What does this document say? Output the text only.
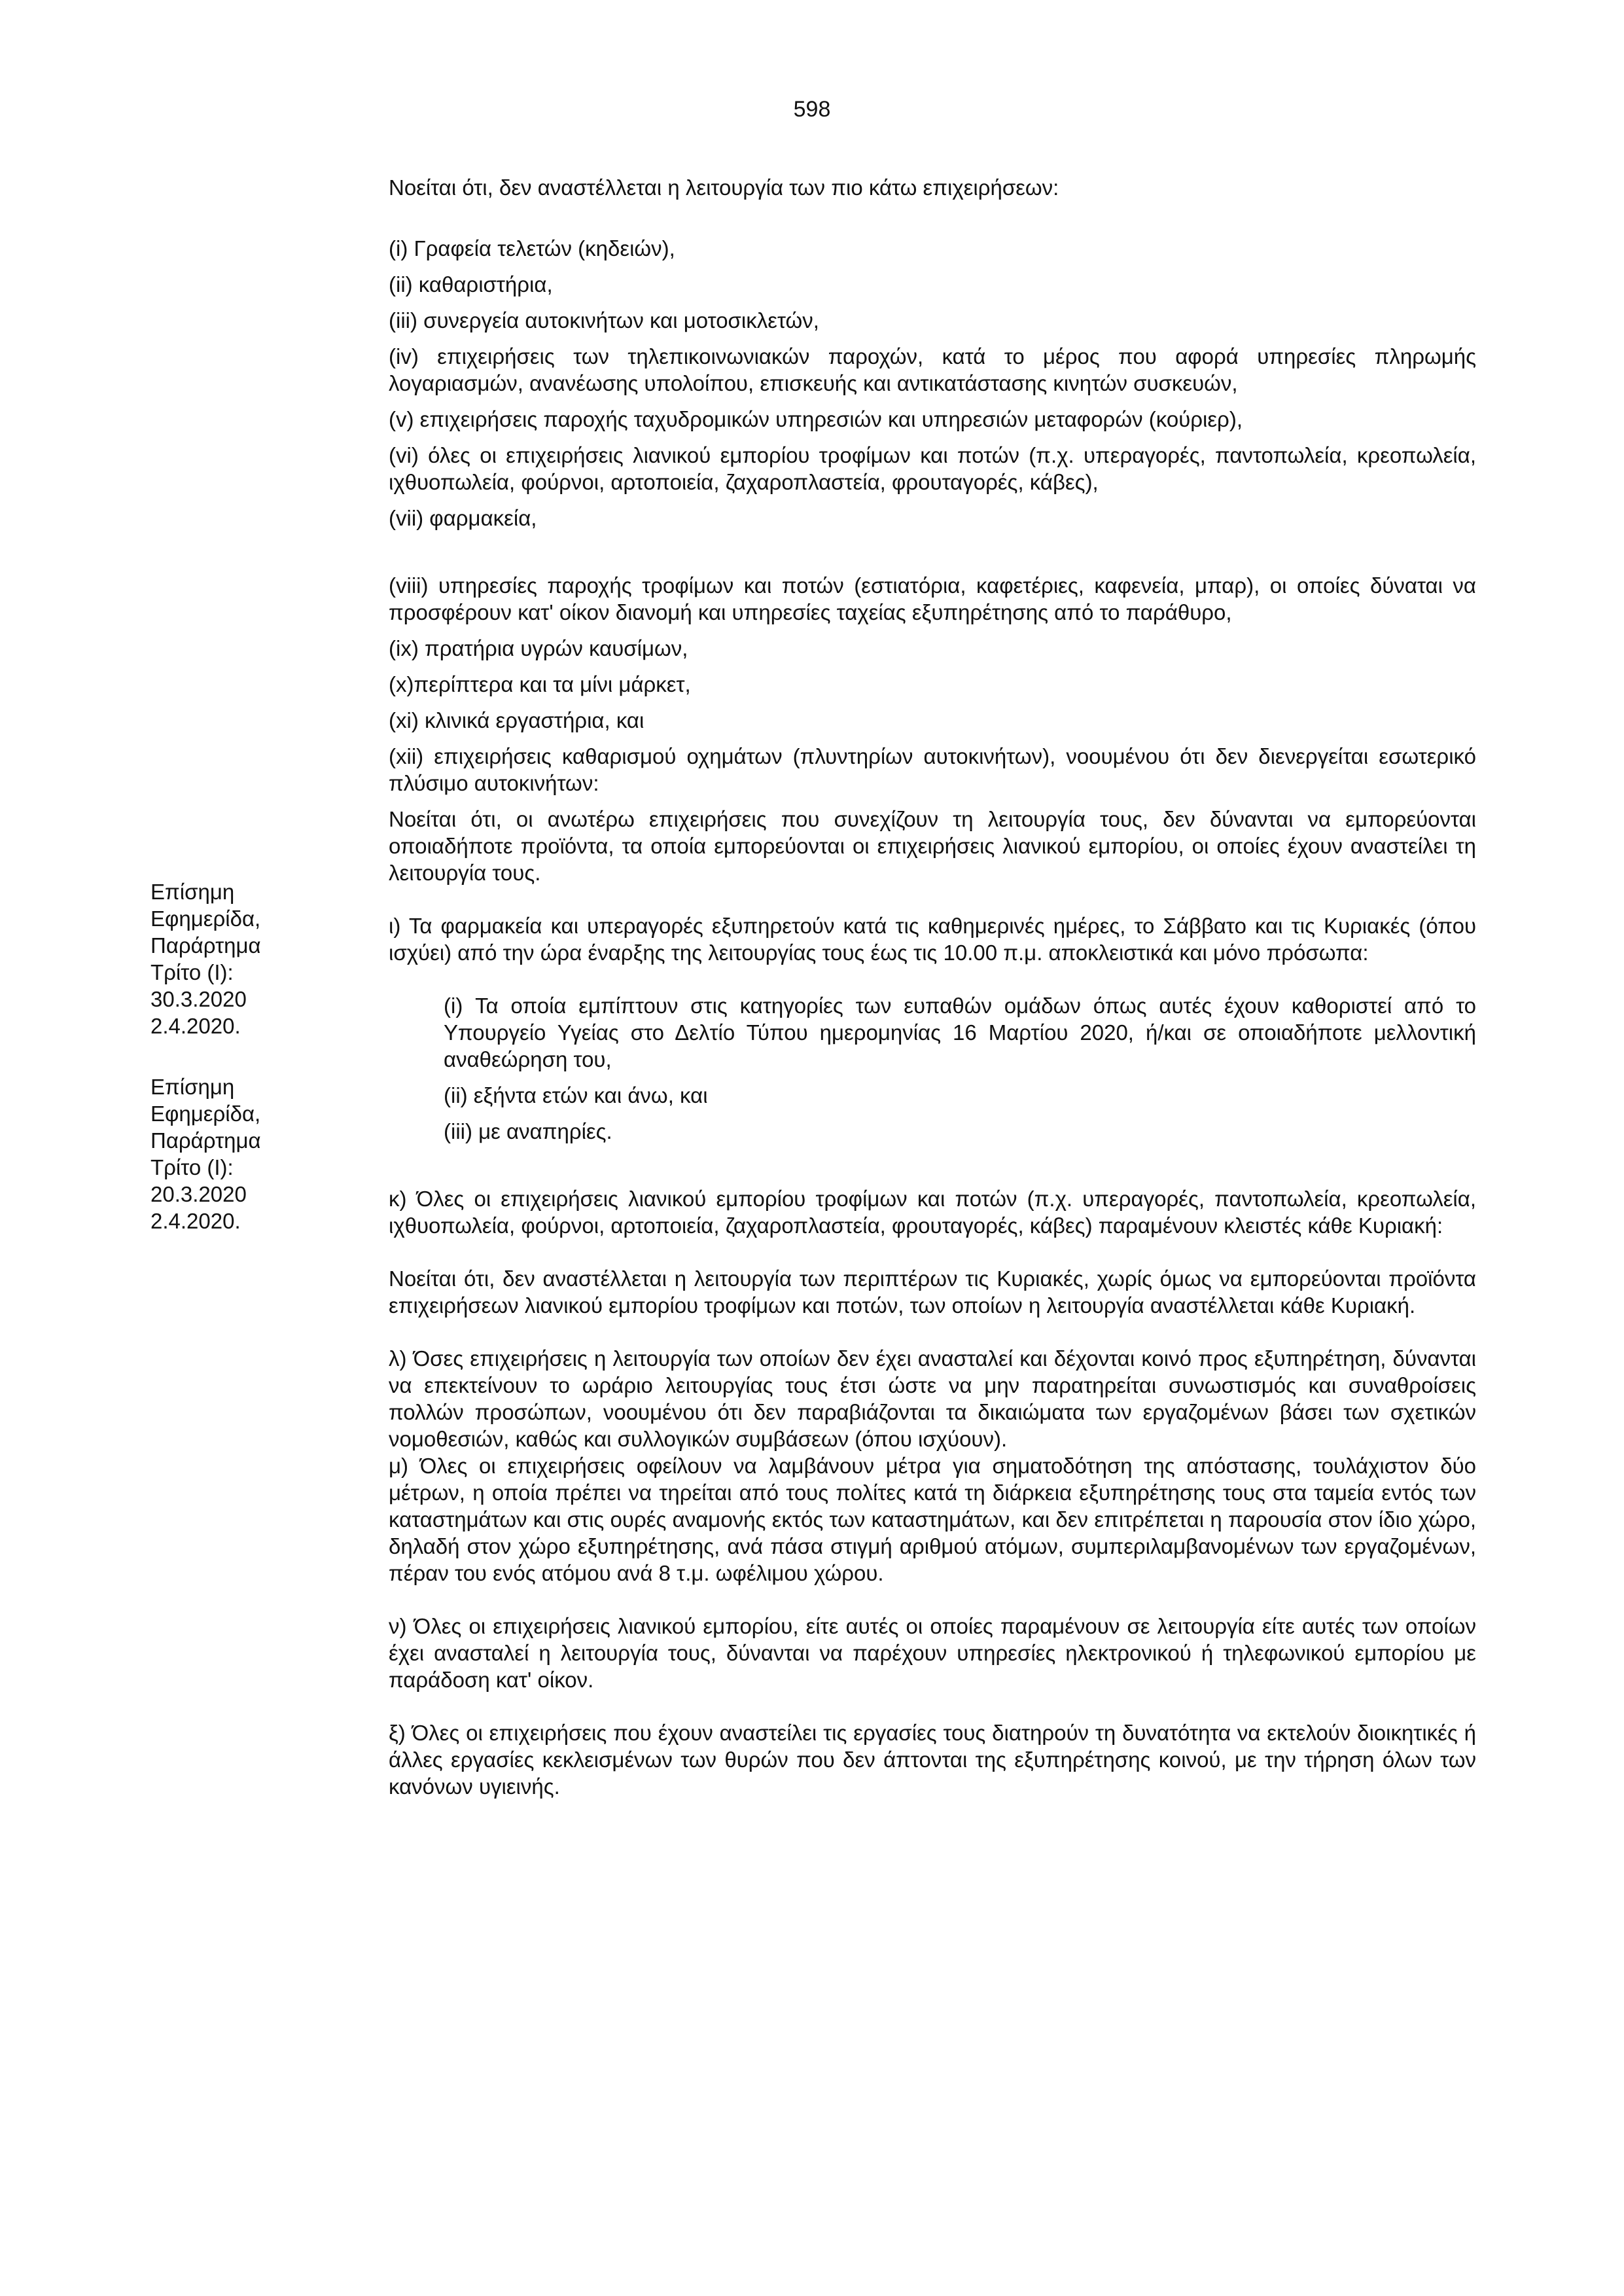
598
Επίσημη
Εφημερίδα,
Παράρτημα
Τρίτο (Ι):
30.3.2020
2.4.2020.
Επίσημη
Εφημερίδα,
Παράρτημα
Τρίτο (Ι):
20.3.2020
2.4.2020.

Νοείται ότι, δεν αναστέλλεται η λειτουργία των πιο κάτω επιχειρήσεων:

(i) Γραφεία τελετών (κηδειών),

(ii) καθαριστήρια,

(iii) συνεργεία αυτοκινήτων και μοτοσικλετών,

(iv) επιχειρήσεις των τηλεπικοινωνιακών παροχών, κατά το μέρος που αφορά υπηρεσίες πληρωμής λογαριασμών, ανανέωσης υπολοίπου, επισκευής και αντικατάστασης κινητών συσκευών,

(v) επιχειρήσεις παροχής ταχυδρομικών υπηρεσιών και υπηρεσιών μεταφορών (κούριερ),

(vi) όλες οι επιχειρήσεις λιανικού εμπορίου τροφίμων και ποτών (π.χ. υπεραγορές, παντοπωλεία, κρεοπωλεία, ιχθυοπωλεία, φούρνοι, αρτοποιεία, ζαχαροπλαστεία, φρουταγορές, κάβες),

(vii) φαρμακεία,

(viii) υπηρεσίες παροχής τροφίμων και ποτών (εστιατόρια, καφετέριες, καφενεία, μπαρ), οι οποίες δύναται να προσφέρουν κατ' οίκον διανομή και υπηρεσίες ταχείας εξυπηρέτησης από το παράθυρο,

(ix) πρατήρια υγρών καυσίμων,

(x)περίπτερα και τα μίνι μάρκετ,

(xi) κλινικά εργαστήρια, και

(xii) επιχειρήσεις καθαρισμού οχημάτων (πλυντηρίων αυτοκινήτων), νοουμένου ότι δεν διενεργείται εσωτερικό πλύσιμο αυτοκινήτων:

Νοείται ότι, οι ανωτέρω επιχειρήσεις που συνεχίζουν τη λειτουργία τους, δεν δύνανται να εμπορεύονται οποιαδήποτε προϊόντα, τα οποία εμπορεύονται οι επιχειρήσεις λιανικού εμπορίου, οι οποίες έχουν αναστείλει τη λειτουργία τους.

ι) Τα φαρμακεία και υπεραγορές εξυπηρετούν κατά τις καθημερινές ημέρες, το Σάββατο και τις Κυριακές (όπου ισχύει) από την ώρα έναρξης της λειτουργίας τους έως τις 10.00 π.μ. αποκλειστικά και μόνο πρόσωπα:

(i) Τα οποία εμπίπτουν στις κατηγορίες των ευπαθών ομάδων όπως αυτές έχουν καθοριστεί από το Υπουργείο Υγείας στο Δελτίο Τύπου ημερομηνίας 16 Μαρτίου 2020, ή/και σε οποιαδήποτε μελλοντική αναθεώρηση του,

(ii) εξήντα ετών και άνω, και

(iii) με αναπηρίες.

κ) Όλες οι επιχειρήσεις λιανικού εμπορίου τροφίμων και ποτών (π.χ. υπεραγορές, παντοπωλεία, κρεοπωλεία, ιχθυοπωλεία, φούρνοι, αρτοποιεία, ζαχαροπλαστεία, φρουταγορές, κάβες) παραμένουν κλειστές κάθε Κυριακή:

Νοείται ότι, δεν αναστέλλεται η λειτουργία των περιπτέρων τις Κυριακές, χωρίς όμως να εμπορεύονται προϊόντα επιχειρήσεων λιανικού εμπορίου τροφίμων και ποτών, των οποίων η λειτουργία αναστέλλεται κάθε Κυριακή.

λ) Όσες επιχειρήσεις η λειτουργία των οποίων δεν έχει ανασταλεί και δέχονται κοινό προς εξυπηρέτηση, δύνανται να επεκτείνουν το ωράριο λειτουργίας τους έτσι ώστε να μην παρατηρείται συνωστισμός και συναθροίσεις πολλών προσώπων, νοουμένου ότι δεν παραβιάζονται τα δικαιώματα των εργαζομένων βάσει των σχετικών νομοθεσιών, καθώς και συλλογικών συμβάσεων (όπου ισχύουν).

μ) Όλες οι επιχειρήσεις οφείλουν να λαμβάνουν μέτρα για σηματοδότηση της απόστασης, τουλάχιστον δύο μέτρων, η οποία πρέπει να τηρείται από τους πολίτες κατά τη διάρκεια εξυπηρέτησης τους στα ταμεία εντός των καταστημάτων και στις ουρές αναμονής εκτός των καταστημάτων, και δεν επιτρέπεται η παρουσία στον ίδιο χώρο, δηλαδή στον χώρο εξυπηρέτησης, ανά πάσα στιγμή αριθμού ατόμων, συμπεριλαμβανομένων των εργαζομένων, πέραν του ενός ατόμου ανά 8 τ.μ. ωφέλιμου χώρου.

ν) Όλες οι επιχειρήσεις λιανικού εμπορίου, είτε αυτές οι οποίες παραμένουν σε λειτουργία είτε αυτές των οποίων έχει ανασταλεί η λειτουργία τους, δύνανται να παρέχουν υπηρεσίες ηλεκτρονικού ή τηλεφωνικού εμπορίου με παράδοση κατ' οίκον.

ξ) Όλες οι επιχειρήσεις που έχουν αναστείλει τις εργασίες τους διατηρούν τη δυνατότητα να εκτελούν διοικητικές ή άλλες εργασίες κεκλεισμένων των θυρών που δεν άπτονται της εξυπηρέτησης κοινού, με την τήρηση όλων των κανόνων υγιεινής.
